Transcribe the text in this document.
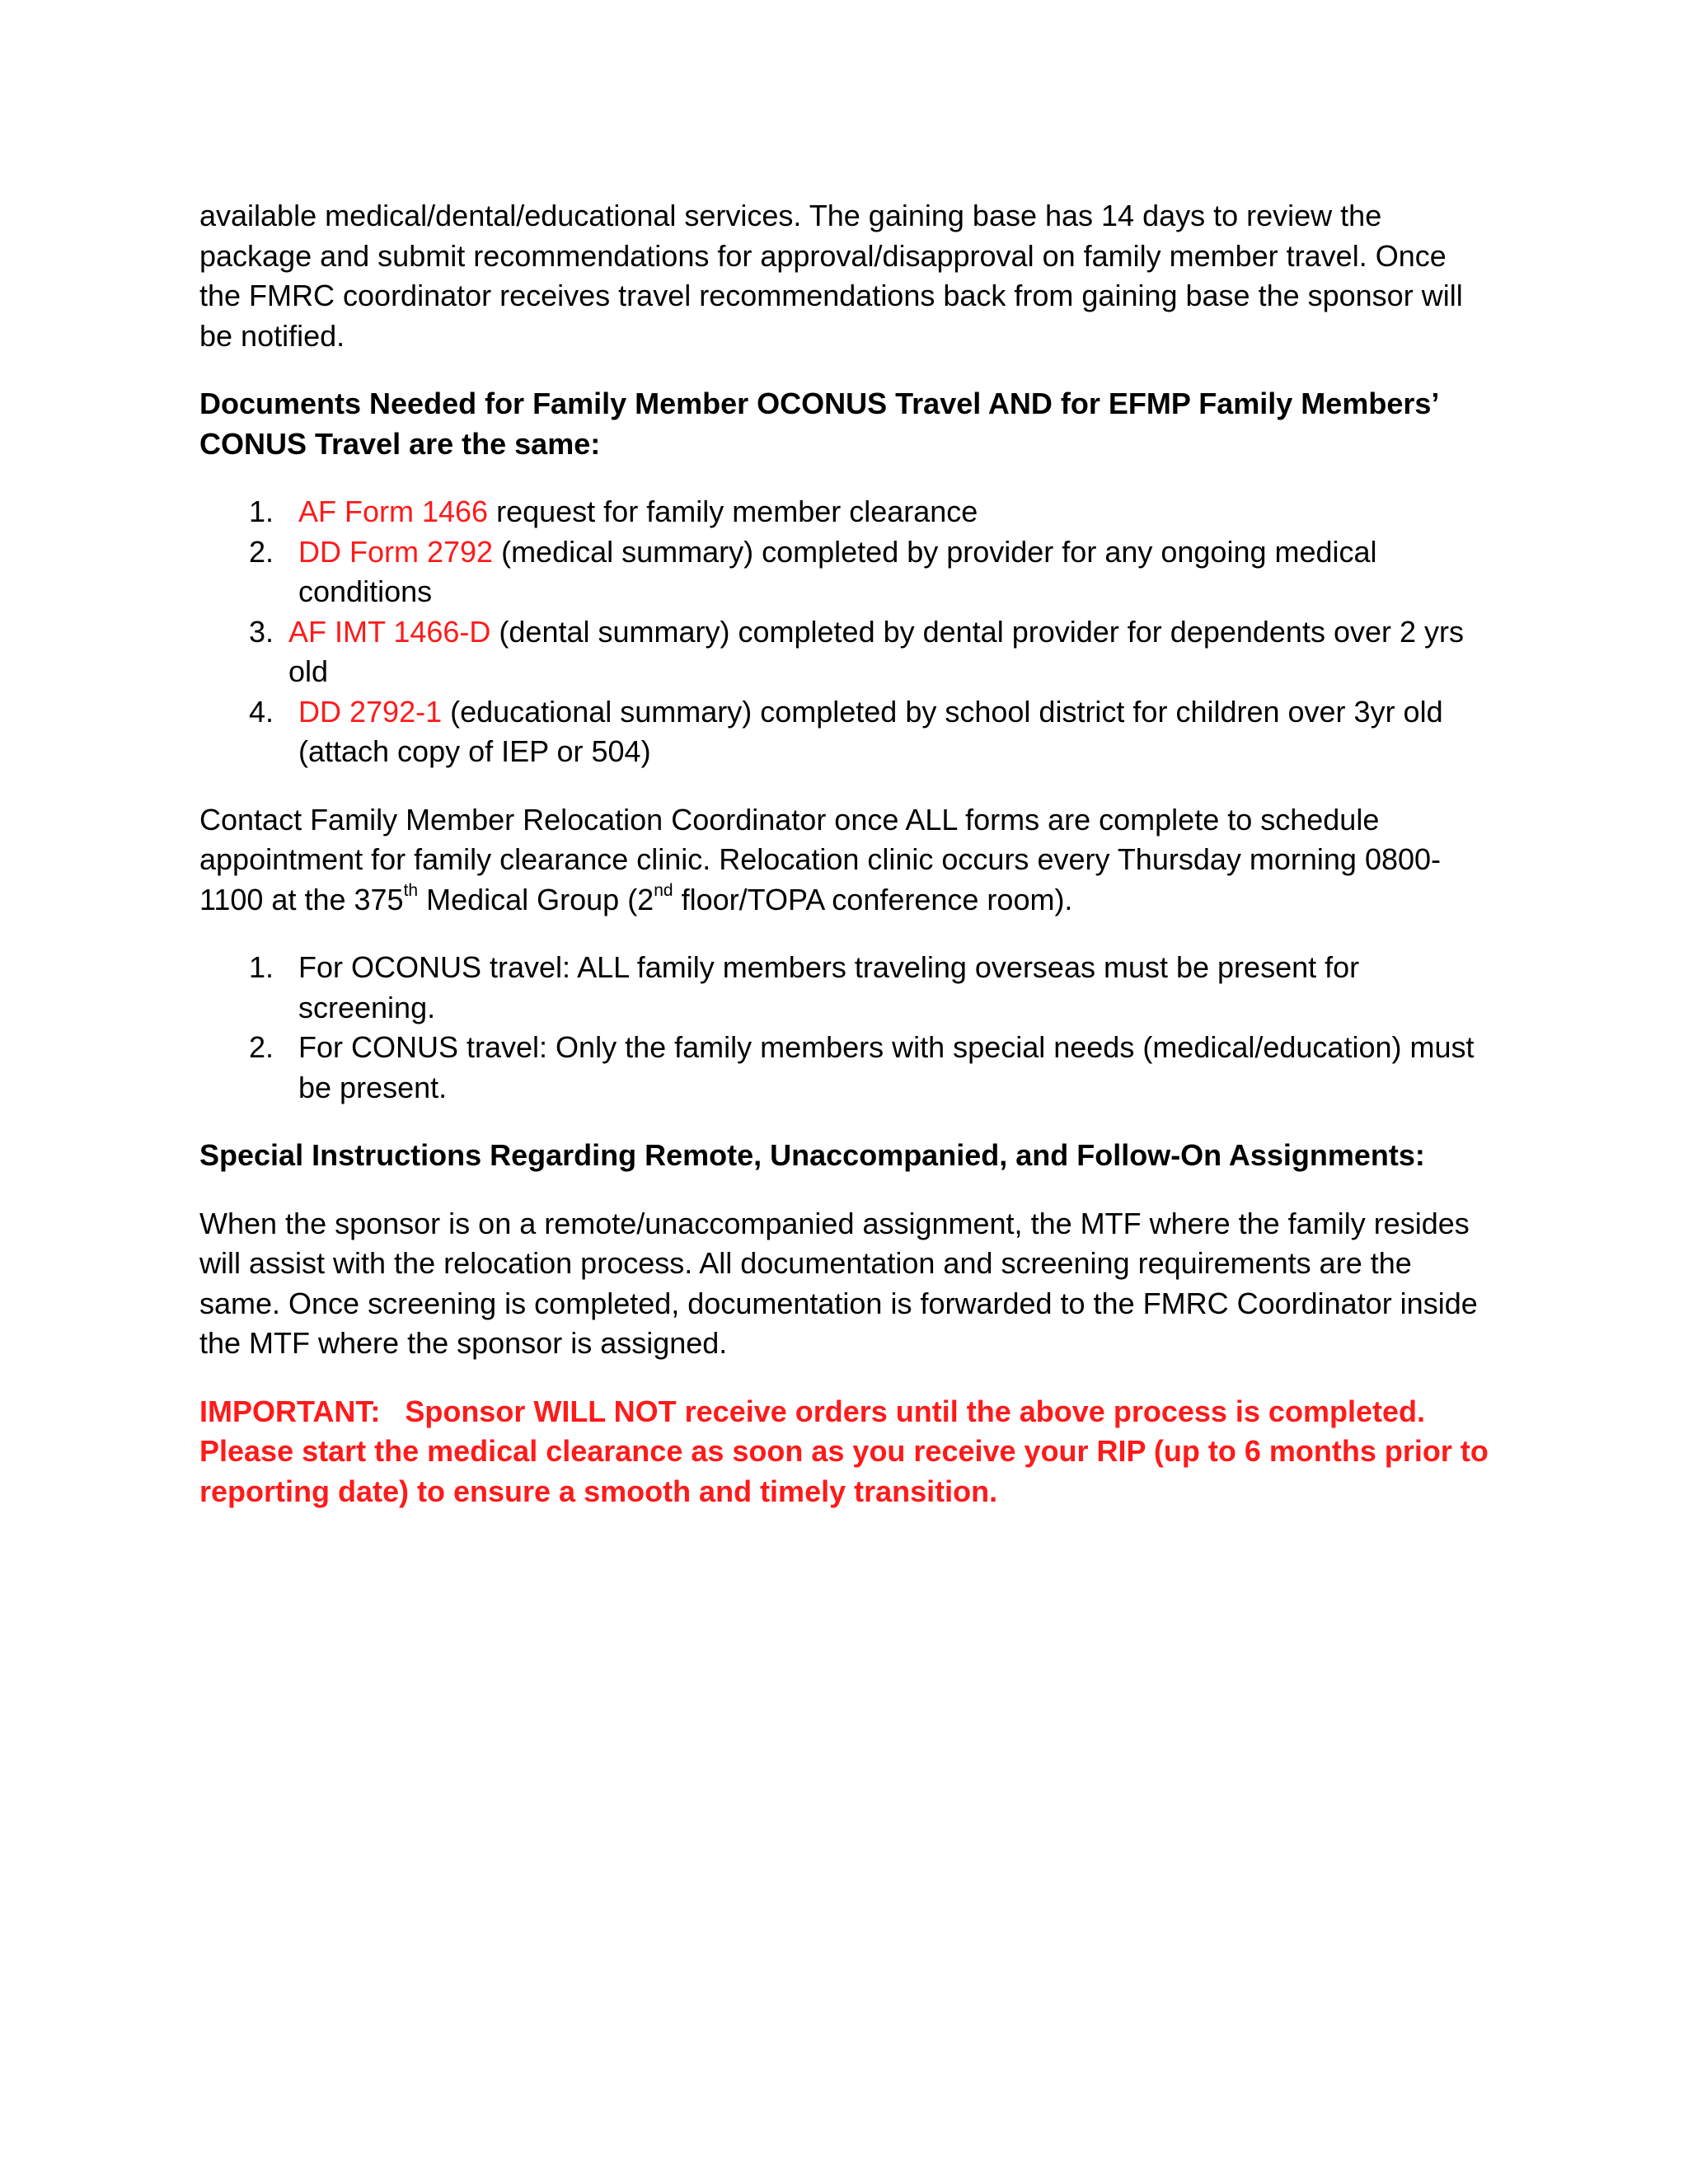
available medical/dental/educational services. The gaining base has 14 days to review the package and submit recommendations for approval/disapproval on family member travel. Once the FMRC coordinator receives travel recommendations back from gaining base the sponsor will be notified.

Documents Needed for Family Member OCONUS Travel AND for EFMP Family Members’ CONUS Travel are the same:

1. AF Form 1466 request for family member clearance
2. DD Form 2792 (medical summary) completed by provider for any ongoing medical conditions
3. AF IMT 1466-D (dental summary) completed by dental provider for dependents over 2 yrs old
4. DD 2792-1 (educational summary) completed by school district for children over 3yr old (attach copy of IEP or 504)

Contact Family Member Relocation Coordinator once ALL forms are complete to schedule appointment for family clearance clinic. Relocation clinic occurs every Thursday morning 0800-1100 at the 375th Medical Group (2nd floor/TOPA conference room).

1. For OCONUS travel: ALL family members traveling overseas must be present for screening.
2. For CONUS travel: Only the family members with special needs (medical/education) must be present.

Special Instructions Regarding Remote, Unaccompanied, and Follow-On Assignments:

When the sponsor is on a remote/unaccompanied assignment, the MTF where the family resides will assist with the relocation process. All documentation and screening requirements are the same. Once screening is completed, documentation is forwarded to the FMRC Coordinator inside the MTF where the sponsor is assigned.

IMPORTANT: Sponsor WILL NOT receive orders until the above process is completed. Please start the medical clearance as soon as you receive your RIP (up to 6 months prior to reporting date) to ensure a smooth and timely transition.
